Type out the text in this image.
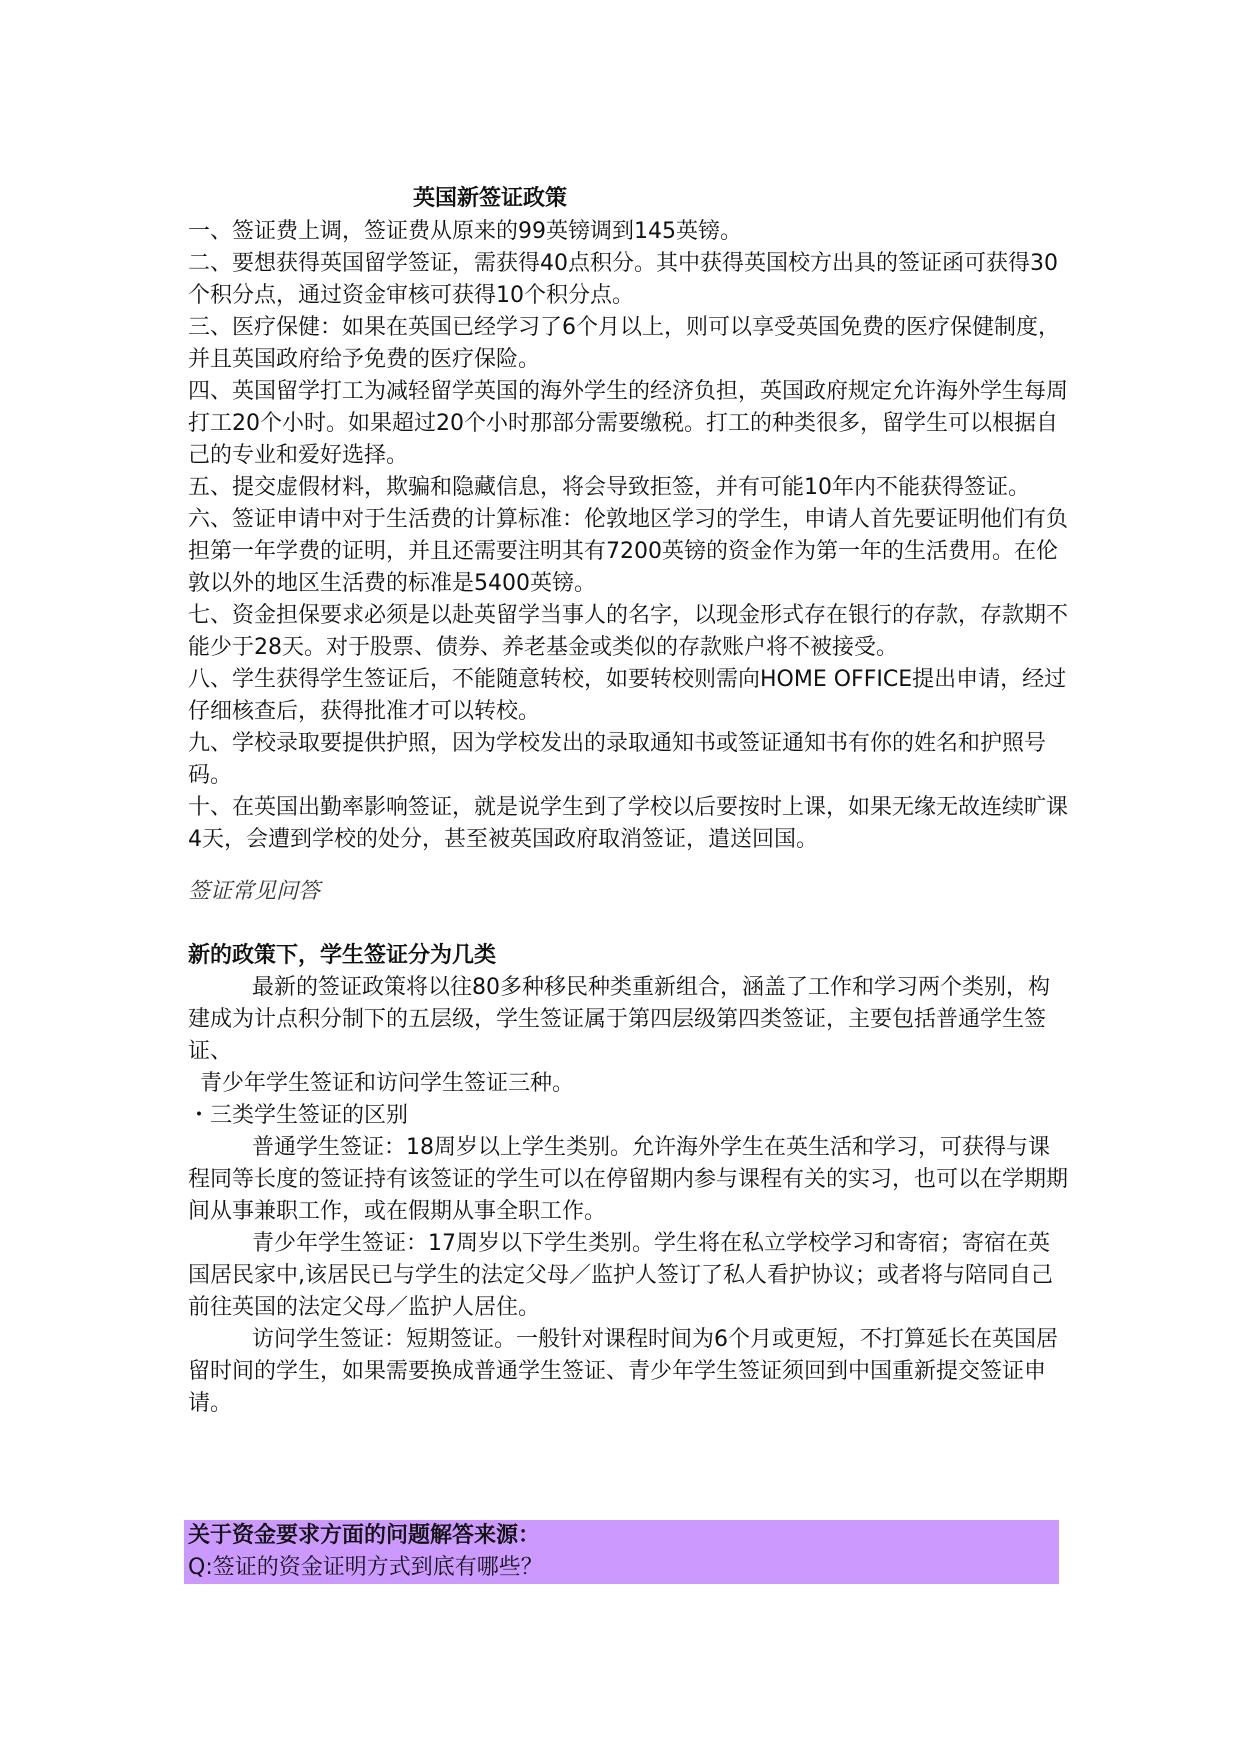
英国新签证政策

一、签证费上调，签证费从原来的99英镑调到145英镑。

二、要想获得英国留学签证，需获得40点积分。其中获得英国校方出具的签证函可获得30个积分点，通过资金审核可获得10个积分点。

三、医疗保健：如果在英国已经学习了6个月以上，则可以享受英国免费的医疗保健制度，并且英国政府给予免费的医疗保险。

四、英国留学打工为减轻留学英国的海外学生的经济负担，英国政府规定允许海外学生每周打工20个小时。如果超过20个小时那部分需要缴税。打工的种类很多，留学生可以根据自己的专业和爱好选择。

五、提交虚假材料，欺骗和隐藏信息，将会导致拒签，并有可能10年内不能获得签证。

六、签证申请中对于生活费的计算标准：伦敦地区学习的学生，申请人首先要证明他们有负担第一年学费的证明，并且还需要注明其有7200英镑的资金作为第一年的生活费用。在伦敦以外的地区生活费的标准是5400英镑。

七、资金担保要求必须是以赴英留学当事人的名字，以现金形式存在银行的存款，存款期不能少于28天。对于股票、债券、养老基金或类似的存款账户将不被接受。

八、学生获得学生签证后，不能随意转校，如要转校则需向HOME OFFICE提出申请，经过仔细核查后，获得批准才可以转校。

九、学校录取要提供护照，因为学校发出的录取通知书或签证通知书有你的姓名和护照号码。

十、在英国出勤率影响签证，就是说学生到了学校以后要按时上课，如果无缘无故连续旷课4天，会遭到学校的处分，甚至被英国政府取消签证，遣送回国。

签证常见问答

新的政策下，学生签证分为几类

最新的签证政策将以往80多种移民种类重新组合，涵盖了工作和学习两个类别，构建成为计点积分制下的五层级，学生签证属于第四层级第四类签证，主要包括普通学生签证、

青少年学生签证和访问学生签证三种。

・三类学生签证的区别

普通学生签证：18周岁以上学生类别。允许海外学生在英生活和学习，可获得与课程同等长度的签证持有该签证的学生可以在停留期内参与课程有关的实习，也可以在学期期间从事兼职工作，或在假期从事全职工作。

青少年学生签证：17周岁以下学生类别。学生将在私立学校学习和寄宿；寄宿在英国居民家中,该居民已与学生的法定父母／监护人签订了私人看护协议；或者将与陪同自己前往英国的法定父母／监护人居住。

访问学生签证：短期签证。一般针对课程时间为6个月或更短，不打算延长在英国居留时间的学生，如果需要换成普通学生签证、青少年学生签证须回到中国重新提交签证申请。

关于资金要求方面的问题解答来源：
Q:签证的资金证明方式到底有哪些？
